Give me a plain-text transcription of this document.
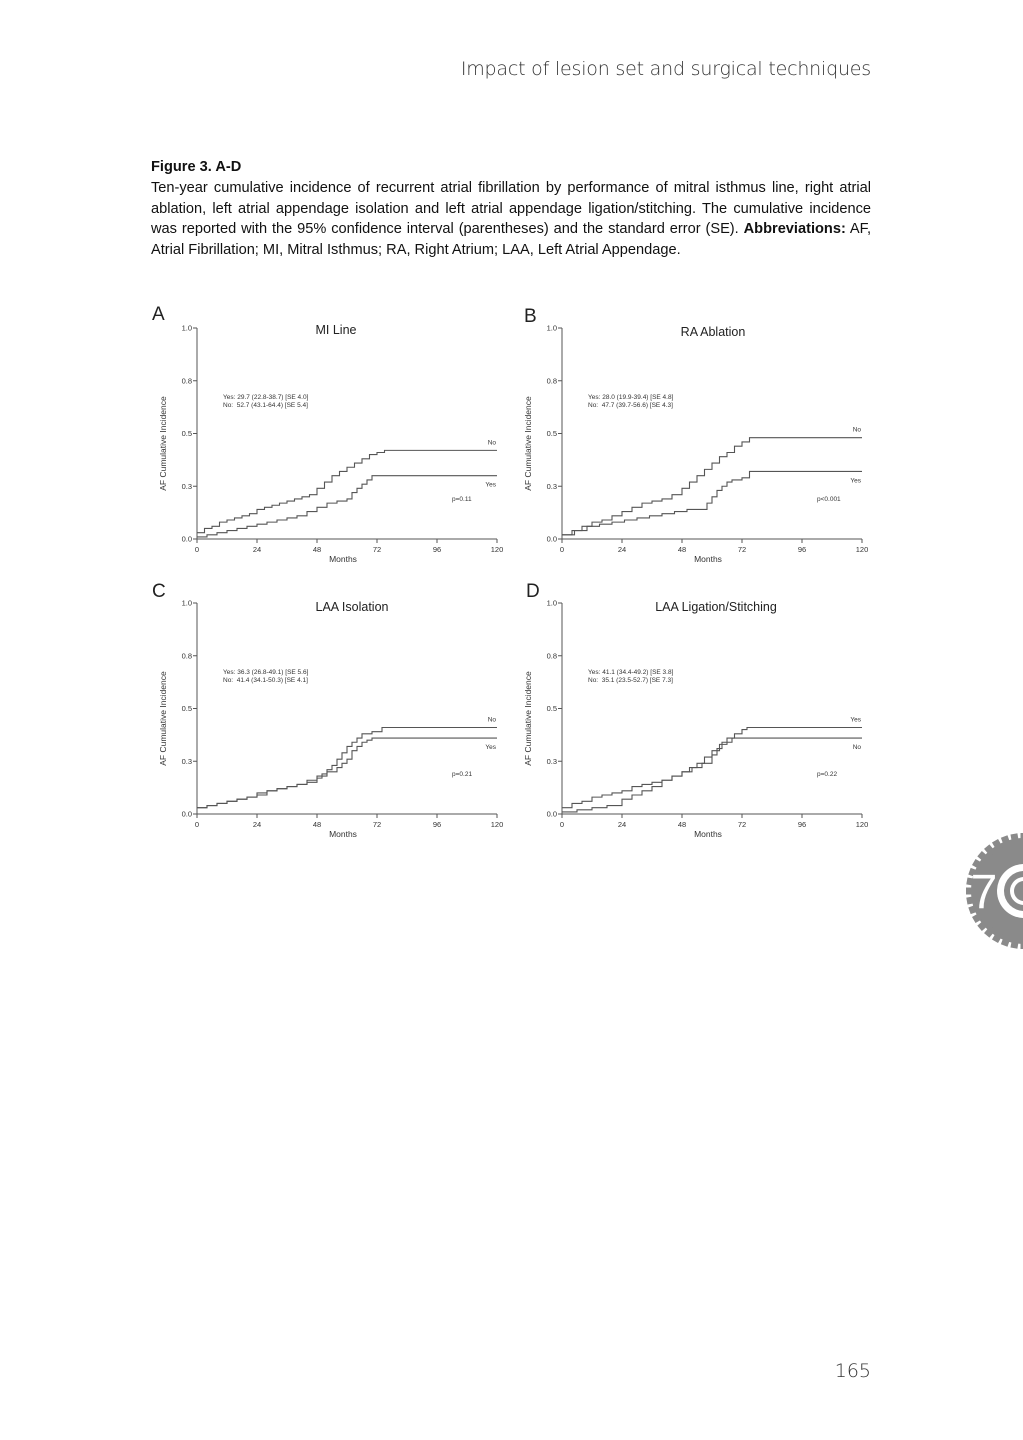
Impact of lesion set and surgical techniques
Figure 3. A-D
Ten-year cumulative incidence of recurrent atrial fibrillation by performance of mitral isthmus line, right atrial ablation, left atrial appendage isolation and left atrial appendage ligation/stitching. The cumulative incidence was reported with the 95% confidence interval (parentheses) and the standard error (SE). Abbreviations: AF, Atrial Fibrillation; MI, Mitral Isthmus; RA, Right Atrium; LAA, Left Atrial Appendage.
A
MI Line
0.0
0.3
0.5
0.8
1.0
0	24	48	72	96	120
Months
AF Cumulative Incidence	Yes: 29.7 (22.8-38.7) [SE 4.0]
No:  52.7 (43.1-64.4) [SE 5.4]
p=0.11
No
Yes
B
RA Ablation
0.0
0.3
0.5
0.8
1.0
0	24	48	72	96	120
Months
AF Cumulative Incidence	Yes: 28.0 (19.9-39.4) [SE 4.8]
No:  47.7 (39.7-56.6) [SE 4.3]
p<0.001
No
Yes
C
LAA Isolation
0.0
0.3
0.5
0.8
1.0
0	24	48	72	96	120
Months
AF Cumulative Incidence	Yes: 36.3 (26.8-49.1) [SE 5.6]
No:  41.4 (34.1-50.3) [SE 4.1]
p=0.21
No
Yes
D
LAA Ligation/Stitching
0.0
0.3
0.5
0.8
1.0
0	24	48	72	96	120
Months
AF Cumulative Incidence	Yes: 41.1 (34.4-49.2) [SE 3.8]
No:  35.1 (23.5-52.7) [SE 7.3]
p=0.22
Yes
No
165
7
